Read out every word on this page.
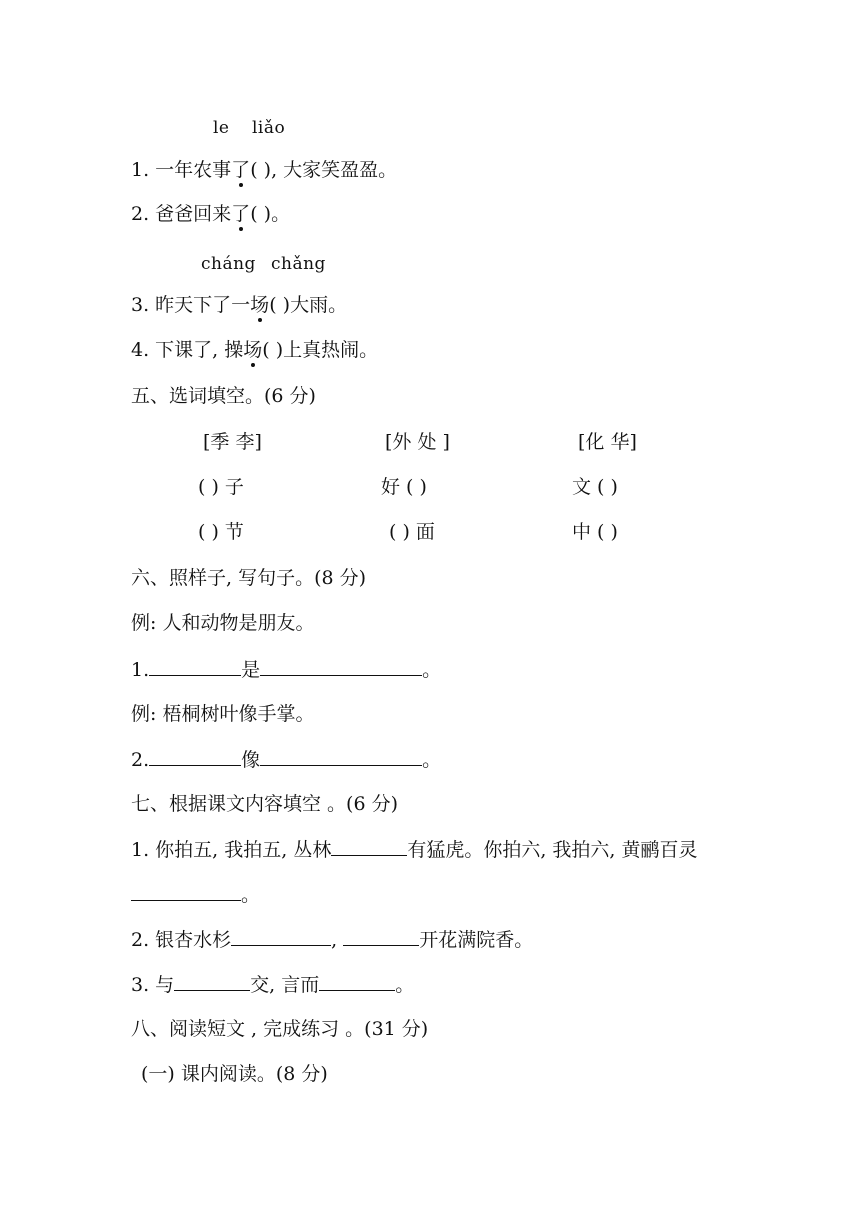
le liǎo
1. 一年农事了( ), 大家笑盈盈。
2. 爸爸回来了( )。
cháng chǎng
3. 昨天下了一场( )大雨。
4. 下课了, 操场( )上真热闹。
五、选词填空。(6 分)
[季 李]	[外 处 ]	[化 华]
( ) 子	好 ( )	文 ( )
( ) 节	( ) 面	中 ( )
六、照样子, 写句子。(8 分)
例: 人和动物是朋友。
1.	是	。
例: 梧桐树叶像手掌。
2.	像	。
七、根据课文内容填空 。(6 分)
1. 你拍五, 我拍五, 丛林	有猛虎。你拍六, 我拍六, 黄鹂百灵
。
2. 银杏水杉	,	开花满院香。
3. 与	交, 言而	。
八、阅读短文 , 完成练习 。(31 分)
(一) 课内阅读。(8 分)
